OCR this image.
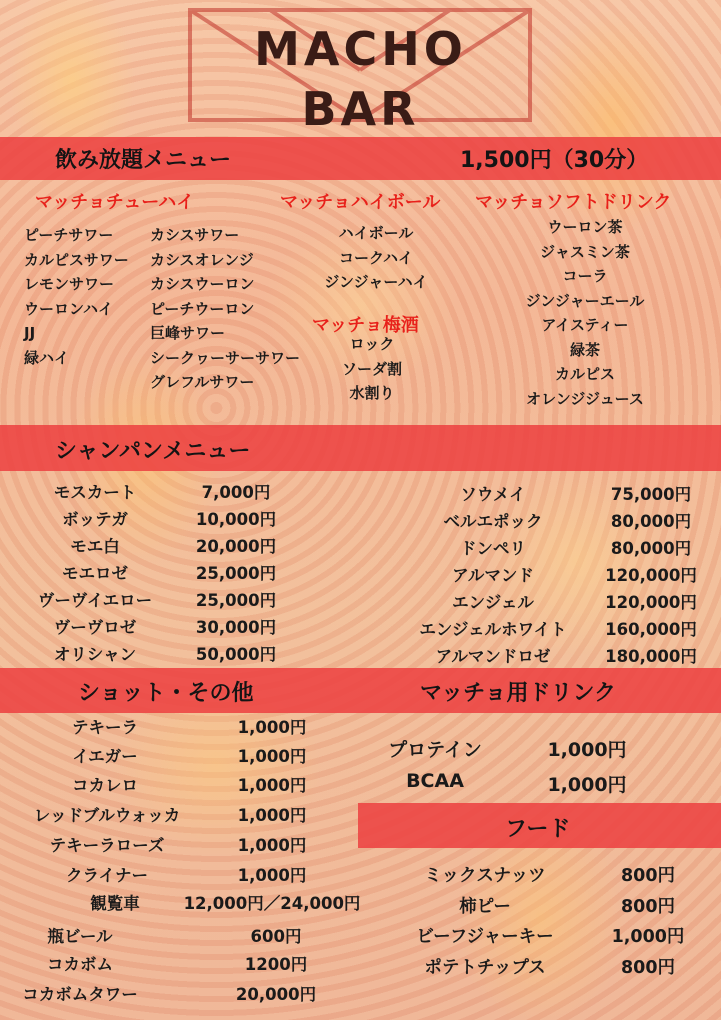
MACHO
BAR
飲み放題メニュー	1,500円（30分）
マッチョチューハイ	マッチョハイボール マッチョソフトドリンク
マッチョ梅酒
ピーチサワー
カルピスサワー
レモンサワー
ウーロンハイ
JJ
緑ハイ
カシスサワー
カシスオレンジ
カシスウーロン
ピーチウーロン
巨峰サワー
シークヮーサーサワー
グレフルサワー
ハイボール
コークハイ
ジンジャーハイ
ロック
ソーダ割
水割り
ウーロン茶
ジャスミン茶
コーラ
ジンジャーエール
アイスティー
緑茶
カルピス
オレンジジュース
シャンパンメニュー
モスカート	7,000円
ボッテガ	10,000円
モエ白	20,000円
モエロゼ	25,000円
ヴーヴイエロー	25,000円
ヴーヴロゼ	30,000円
オリシャン	50,000円
ソウメイ	75,000円
ベルエポック	80,000円
ドンペリ	80,000円
アルマンド	120,000円
エンジェル	120,000円
エンジェルホワイト 160,000円
アルマンドロゼ	180,000円
ショット・その他	マッチョ用ドリンク
テキーラ	1,000円
イエガー	1,000円
コカレロ	1,000円
レッドブルウォッカ	1,000円
テキーラローズ	1,000円
クライナー	1,000円
観覧車	12,000円／24,000円
瓶ビール	600円
コカボム	1200円
コカボムタワー	20,000円
プロテイン	1,000円
BCAA	1,000円
フード
ミックスナッツ	800円
柿ピー	800円
ビーフジャーキー	1,000円
ポテトチップス	800円
